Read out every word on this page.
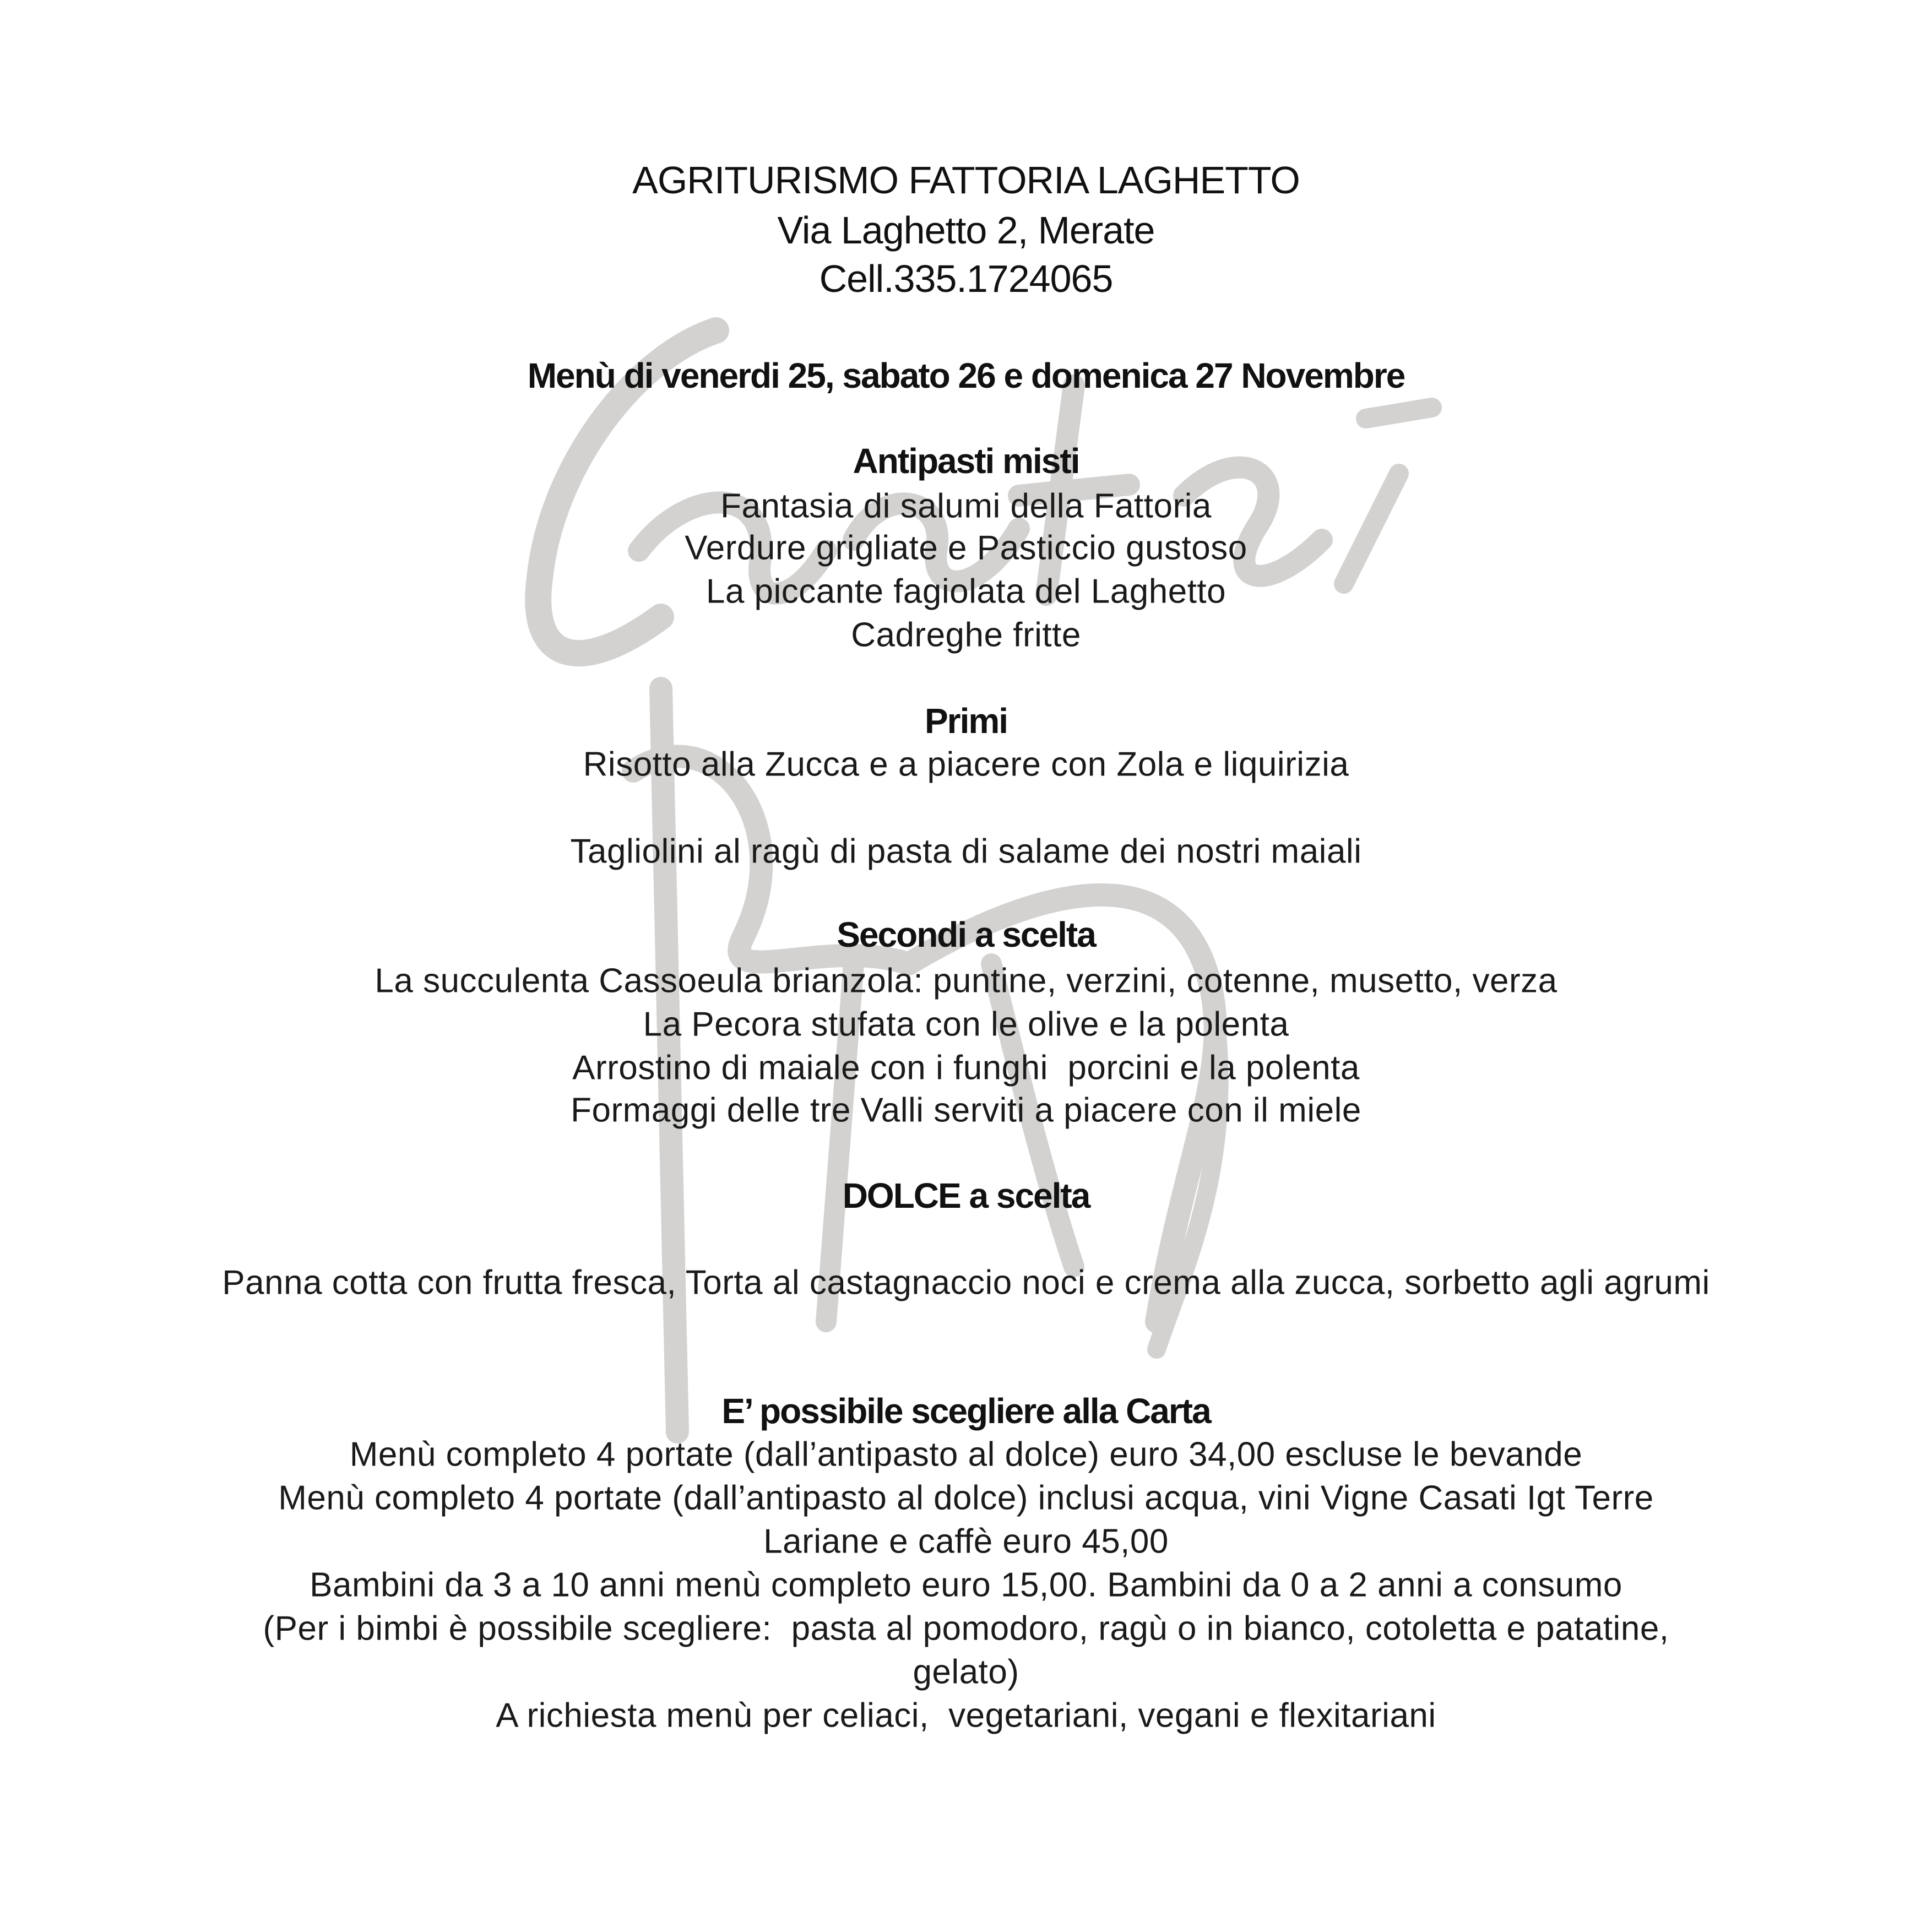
AGRITURISMO FATTORIA LAGHETTO
Via Laghetto 2, Merate
Cell.335.1724065
Menù di venerdi 25, sabato 26 e domenica 27 Novembre
Antipasti misti
Fantasia di salumi della Fattoria
Verdure grigliate e Pasticcio gustoso
La piccante fagiolata del Laghetto
Cadreghe fritte
Primi
Risotto alla Zucca e a piacere con Zola e liquirizia
Tagliolini al ragù di pasta di salame dei nostri maiali
Secondi a scelta
La succulenta Cassoeula brianzola: puntine, verzini, cotenne, musetto, verza
La Pecora stufata con le olive e la polenta
Arrostino di maiale con i funghi  porcini e la polenta
Formaggi delle tre Valli serviti a piacere con il miele
DOLCE a scelta
Panna cotta con frutta fresca, Torta al castagnaccio noci e crema alla zucca, sorbetto agli agrumi
E’ possibile scegliere alla Carta
Menù completo 4 portate (dall’antipasto al dolce) euro 34,00 escluse le bevande
Menù completo 4 portate (dall’antipasto al dolce) inclusi acqua, vini Vigne Casati Igt Terre
Lariane e caffè euro 45,00
Bambini da 3 a 10 anni menù completo euro 15,00. Bambini da 0 a 2 anni a consumo
(Per i bimbi è possibile scegliere:  pasta al pomodoro, ragù o in bianco, cotoletta e patatine,
gelato)
A richiesta menù per celiaci,  vegetariani, vegani e flexitariani
